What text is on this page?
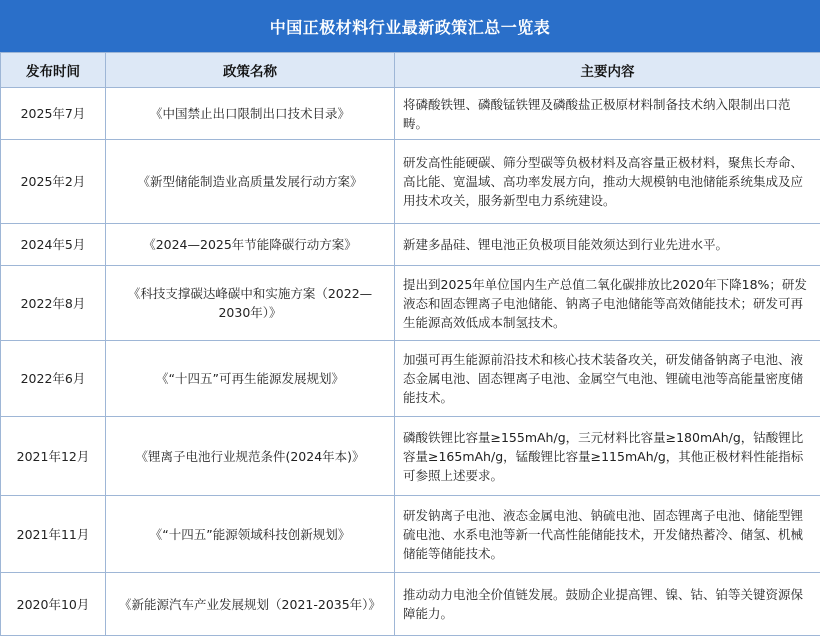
中国正极材料行业最新政策汇总一览表
发布时间	政策名称	主要内容
2025年7月	《中国禁止出口限制出口技术目录》	将磷酸铁锂、磷酸锰铁锂及磷酸盐正极原材料制备技术纳入限制出口范畴。
2025年2月	《新型储能制造业高质量发展行动方案》	研发高性能硬碳、筛分型碳等负极材料及高容量正极材料，聚焦长寿命、高比能、宽温域、高功率发展方向，推动大规模钠电池储能系统集成及应用技术攻关，服务新型电力系统建设。
2024年5月	《2024—2025年节能降碳行动方案》	新建多晶硅、锂电池正负极项目能效须达到行业先进水平。
2022年8月	《科技支撑碳达峰碳中和实施方案（2022—2030年）》	提出到2025年单位国内生产总值二氧化碳排放比2020年下降18%；研发液态和固态锂离子电池储能、钠离子电池储能等高效储能技术；研发可再生能源高效低成本制氢技术。
2022年6月	《“十四五”可再生能源发展规划》	加强可再生能源前沿技术和核心技术装备攻关，研发储备钠离子电池、液态金属电池、固态锂离子电池、金属空气电池、锂硫电池等高能量密度储能技术。
2021年12月	《锂离子电池行业规范条件(2024年本)》	磷酸铁锂比容量≥155mAh/g，三元材料比容量≥180mAh/g，钴酸锂比容量≥165mAh/g，锰酸锂比容量≥115mAh/g，其他正极材料性能指标可参照上述要求。
2021年11月	《“十四五”能源领域科技创新规划》	研发钠离子电池、液态金属电池、钠硫电池、固态锂离子电池、储能型锂硫电池、水系电池等新一代高性能储能技术，开发储热蓄冷、储氢、机械储能等储能技术。
2020年10月	《新能源汽车产业发展规划（2021-2035年）》	推动动力电池全价值链发展。鼓励企业提高锂、镍、钴、铂等关键资源保障能力。
